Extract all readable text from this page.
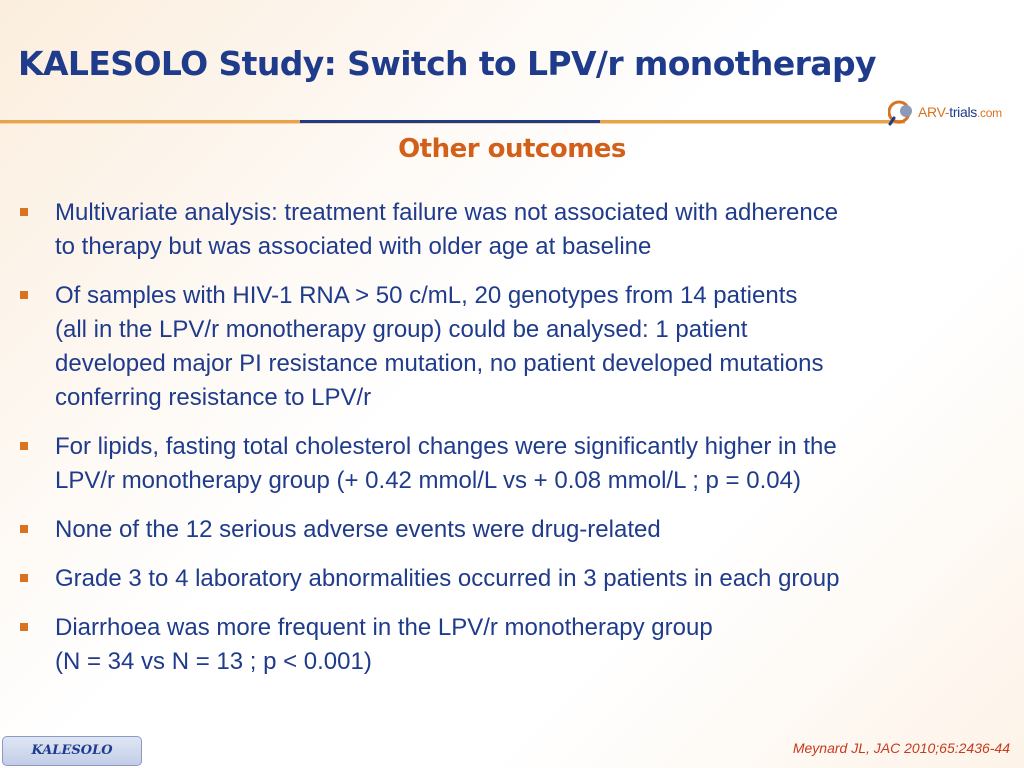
KALESOLO Study: Switch to LPV/r monotherapy
ARV-trials.com
Other outcomes
Multivariate analysis: treatment failure was not associated with adherence
to therapy but was associated with older age at baseline
Of samples with HIV-1 RNA > 50 c/mL, 20 genotypes from 14 patients
(all in the LPV/r monotherapy group) could be analysed: 1 patient
developed major PI resistance mutation, no patient developed mutations
conferring resistance to LPV/r
For lipids, fasting total cholesterol changes were significantly higher in the
LPV/r monotherapy group (+ 0.42 mmol/L vs + 0.08 mmol/L ; p = 0.04)
None of the 12 serious adverse events were drug-related
Grade 3 to 4 laboratory abnormalities occurred in 3 patients in each group
Diarrhoea was more frequent in the LPV/r monotherapy group
(N = 34 vs N = 13 ; p < 0.001)
KALESOLO	Meynard JL, JAC 2010;65:2436-44
